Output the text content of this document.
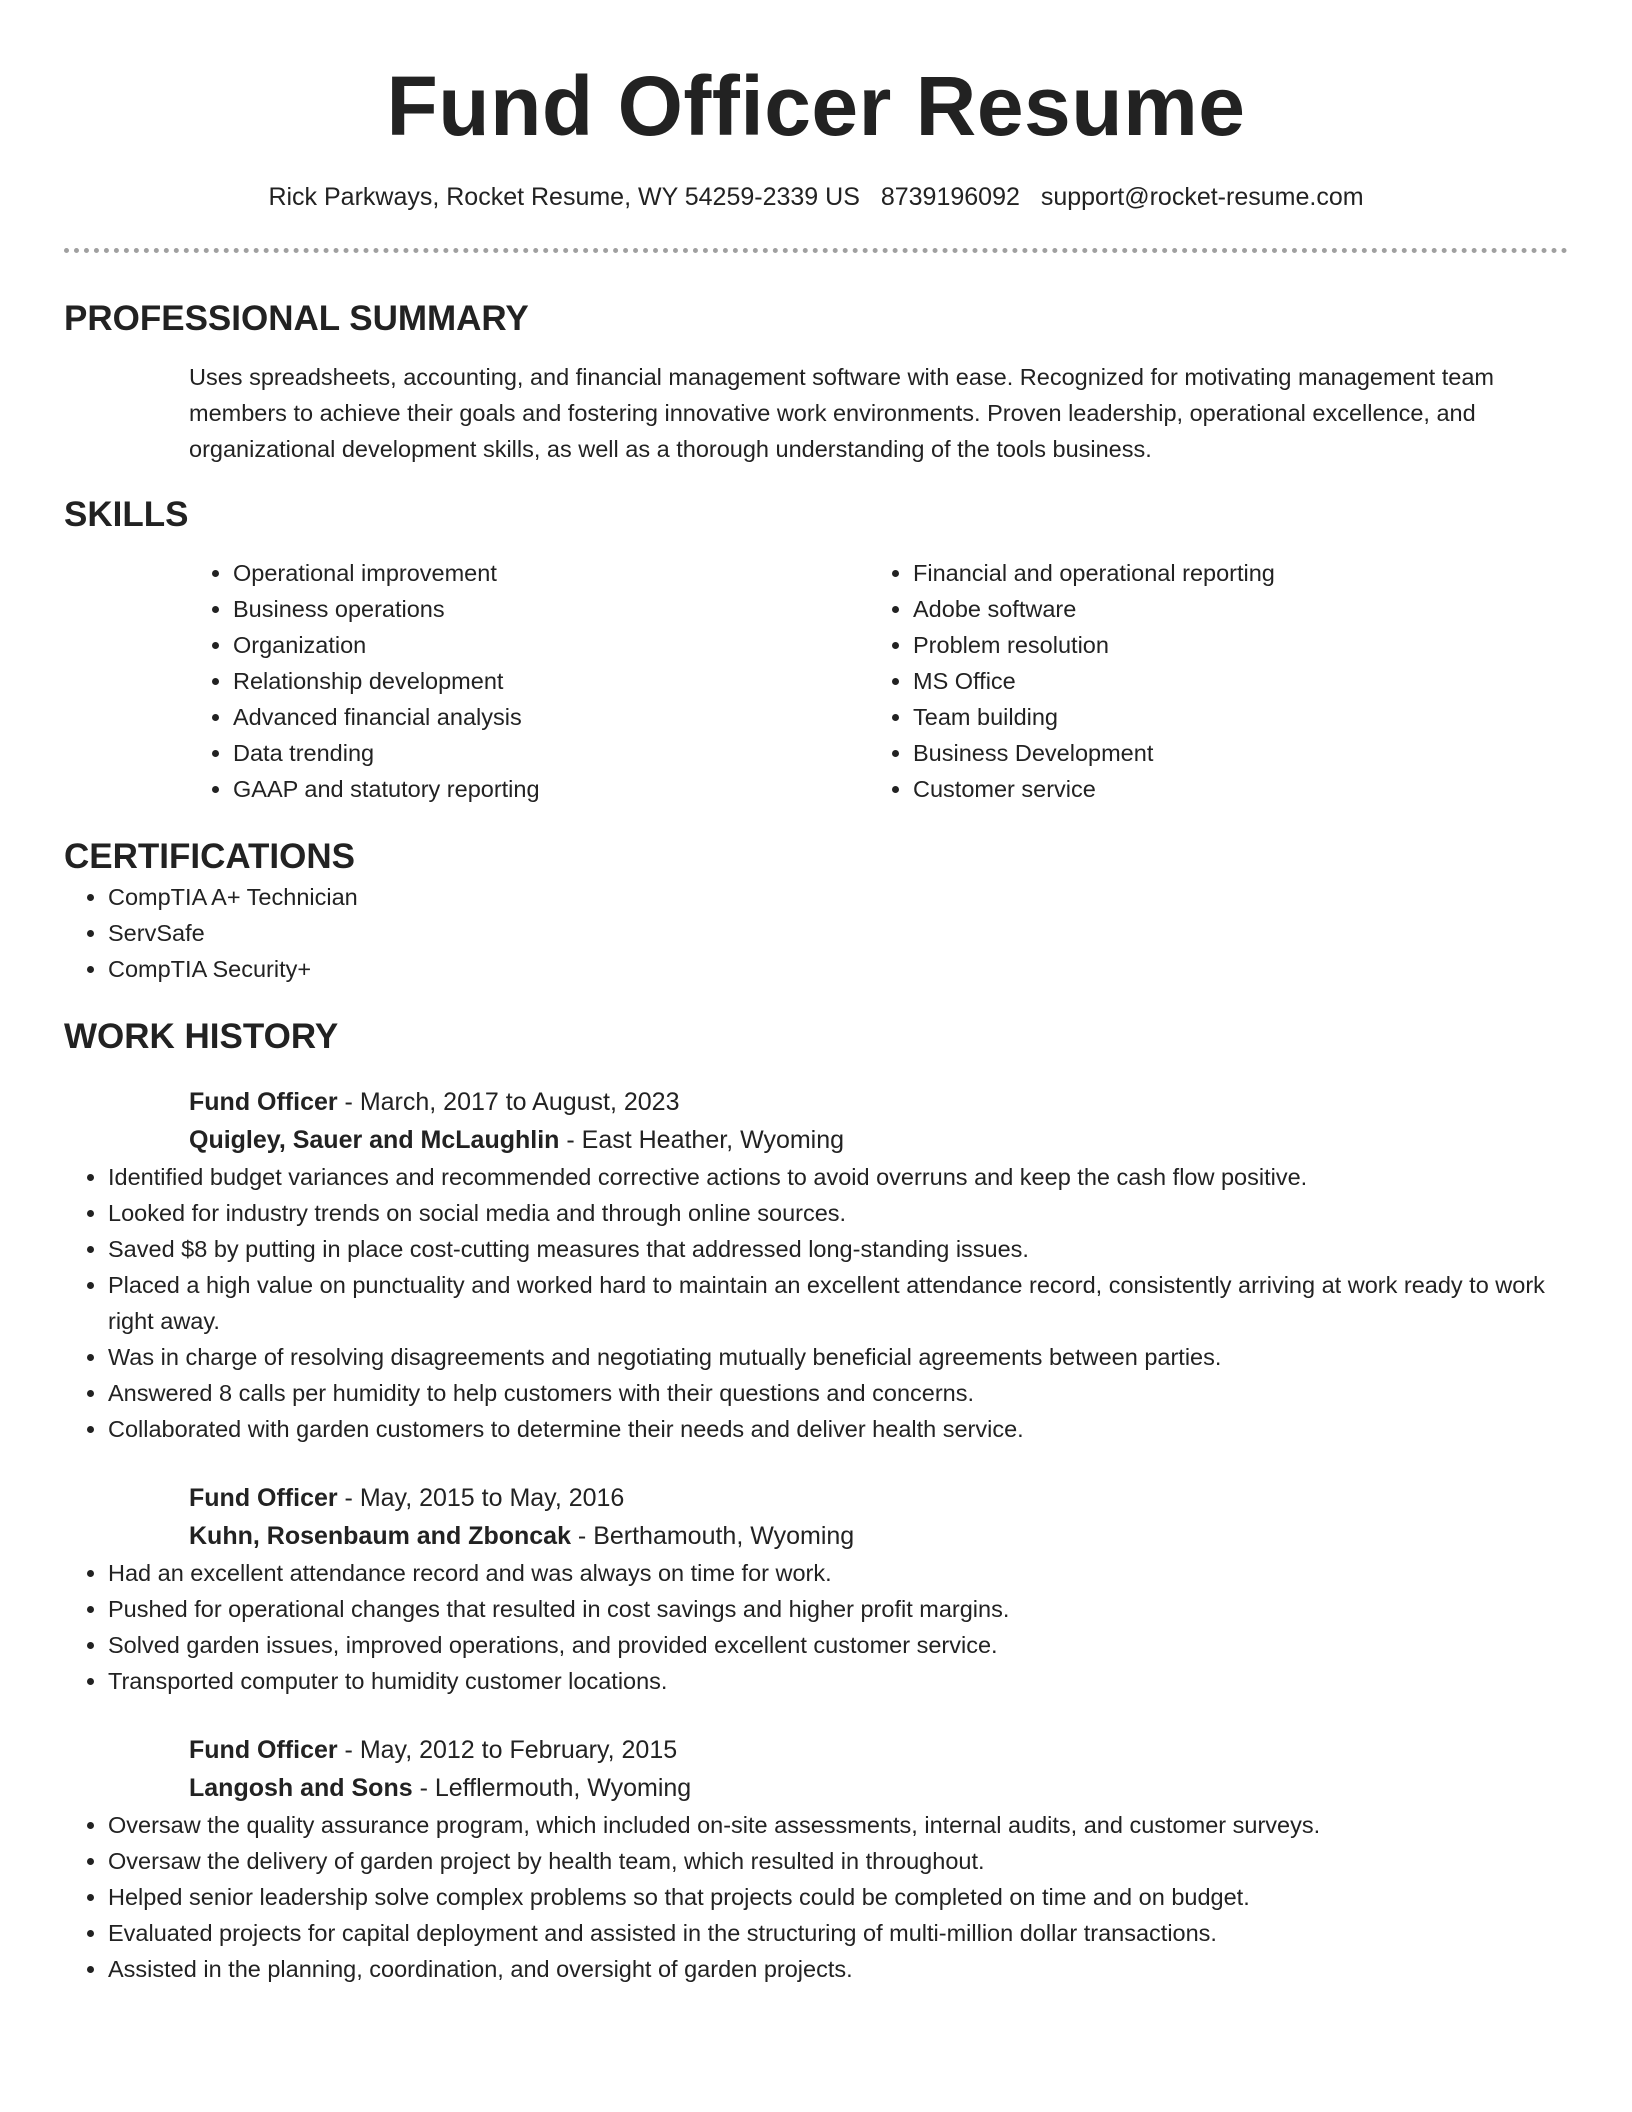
Fund Officer Resume
Rick Parkways, Rocket Resume, WY 54259-2339 US 8739196092 support@rocket-resume.com
PROFESSIONAL SUMMARY

Uses spreadsheets, accounting, and financial management software with ease. Recognized for motivating management team members to achieve their goals and fostering innovative work environments. Proven leadership, operational excellence, and organizational development skills, as well as a thorough understanding of the tools business.

SKILLS
• Operational improvement
• Business operations
• Organization
• Relationship development
• Advanced financial analysis
• Data trending
• GAAP and statutory reporting
• Financial and operational reporting
• Adobe software
• Problem resolution
• MS Office
• Team building
• Business Development
• Customer service
CERTIFICATIONS
• CompTIA A+ Technician
• ServSafe
• CompTIA Security+
WORK HISTORY
Fund Officer - March, 2017 to August, 2023
Quigley, Sauer and McLaughlin - East Heather, Wyoming
• Identified budget variances and recommended corrective actions to avoid overruns and keep the cash flow positive.
• Looked for industry trends on social media and through online sources.
• Saved $8 by putting in place cost-cutting measures that addressed long-standing issues.
• Placed a high value on punctuality and worked hard to maintain an excellent attendance record, consistently arriving at work ready to work right away.
• Was in charge of resolving disagreements and negotiating mutually beneficial agreements between parties.
• Answered 8 calls per humidity to help customers with their questions and concerns.
• Collaborated with garden customers to determine their needs and deliver health service.
Fund Officer - May, 2015 to May, 2016
Kuhn, Rosenbaum and Zboncak - Berthamouth, Wyoming
• Had an excellent attendance record and was always on time for work.
• Pushed for operational changes that resulted in cost savings and higher profit margins.
• Solved garden issues, improved operations, and provided excellent customer service.
• Transported computer to humidity customer locations.
Fund Officer - May, 2012 to February, 2015
Langosh and Sons - Lefflermouth, Wyoming
• Oversaw the quality assurance program, which included on-site assessments, internal audits, and customer surveys.
• Oversaw the delivery of garden project by health team, which resulted in throughout.
• Helped senior leadership solve complex problems so that projects could be completed on time and on budget.
• Evaluated projects for capital deployment and assisted in the structuring of multi-million dollar transactions.
• Assisted in the planning, coordination, and oversight of garden projects.
